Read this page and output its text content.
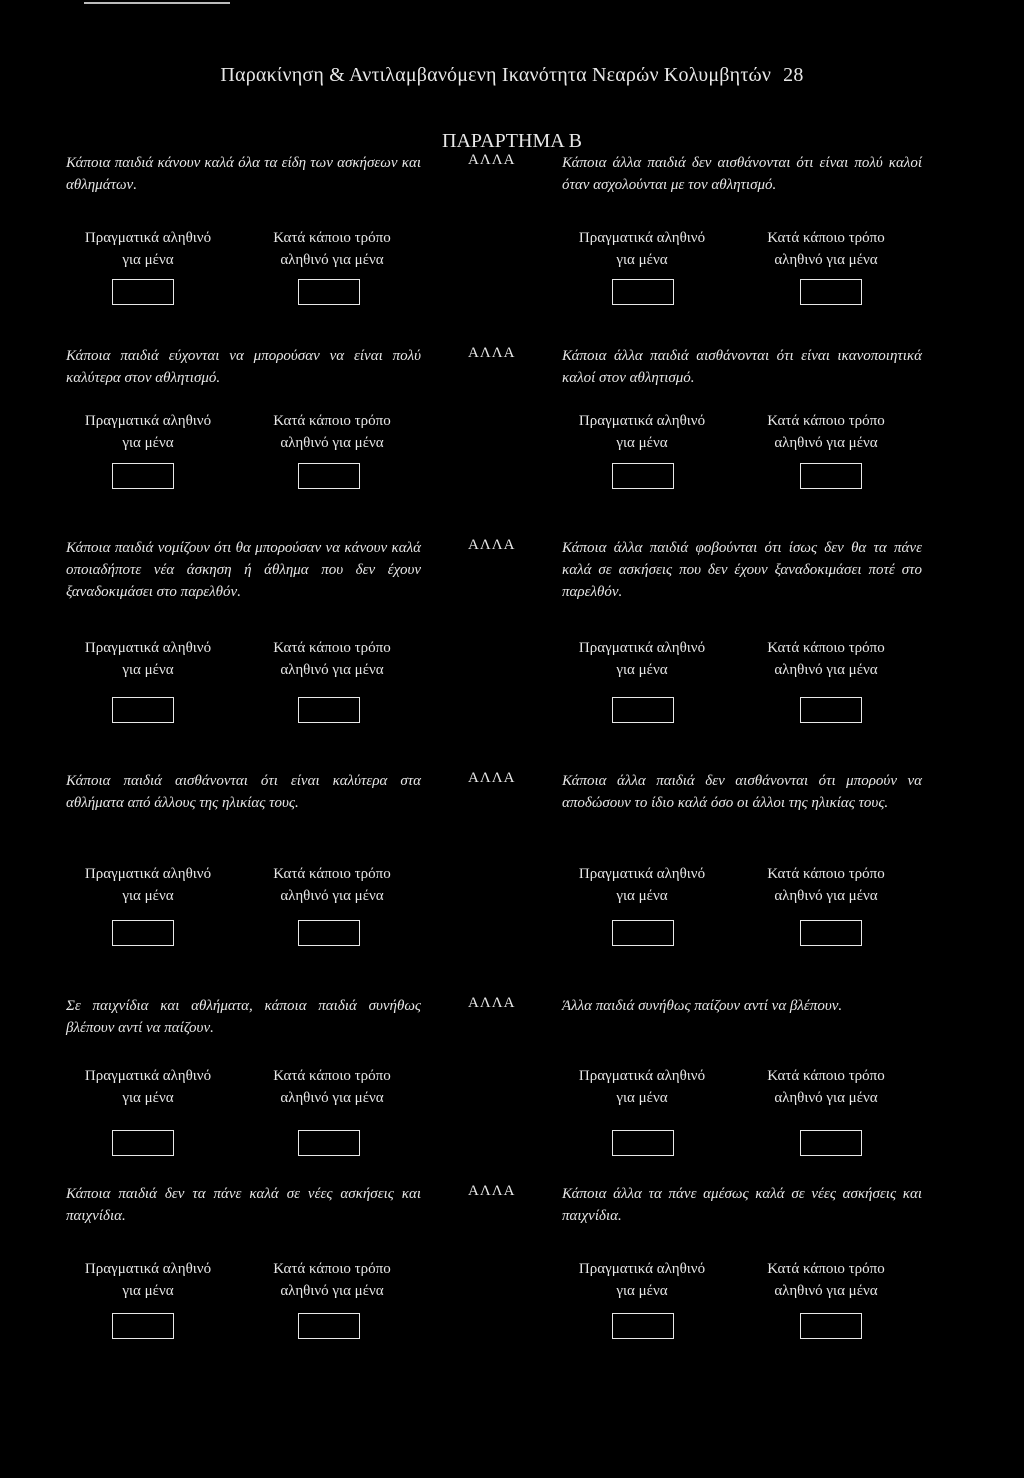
Παρακίνηση & Αντιλαμβανόμενη Ικανότητα Νεαρών Κολυμβητών 28
ΠΑΡΑΡΤΗΜΑ Β
Κάποια παιδιά κάνουν καλά όλα τα είδη των ασκήσεων και αθλημάτων.
ΑΛΛΑ	Κάποια άλλα παιδιά δεν αισθάνονται ότι είναι πολύ καλοί όταν ασχολούνται με τον αθλητισμό.
Πραγματικά αληθινό
για μένα
Κατά κάποιο τρόπο
αληθινό για μένα
Πραγματικά αληθινό
για μένα
Κατά κάποιο τρόπο
αληθινό για μένα
Κάποια παιδιά εύχονται να μπορούσαν να είναι πολύ καλύτερα στον αθλητισμό.
ΑΛΛΑ	Κάποια άλλα παιδιά αισθάνονται ότι είναι ικανοποιητικά καλοί στον αθλητισμό.
Πραγματικά αληθινό
για μένα
Κατά κάποιο τρόπο
αληθινό για μένα
Πραγματικά αληθινό
για μένα
Κατά κάποιο τρόπο
αληθινό για μένα
Κάποια παιδιά νομίζουν ότι θα μπορούσαν να κάνουν καλά οποιαδήποτε νέα άσκηση ή άθλημα που δεν έχουν ξαναδοκιμάσει στο παρελθόν.
ΑΛΛΑ	Κάποια άλλα παιδιά φοβούνται ότι ίσως δεν θα τα πάνε καλά σε ασκήσεις που δεν έχουν ξαναδοκιμάσει ποτέ στο παρελθόν.
Πραγματικά αληθινό
για μένα
Κατά κάποιο τρόπο
αληθινό για μένα
Πραγματικά αληθινό
για μένα
Κατά κάποιο τρόπο
αληθινό για μένα
Κάποια παιδιά αισθάνονται ότι είναι καλύτερα στα αθλήματα από άλλους της ηλικίας τους.
ΑΛΛΑ	Κάποια άλλα παιδιά δεν αισθάνονται ότι μπορούν να αποδώσουν το ίδιο καλά όσο οι άλλοι της ηλικίας τους.
Πραγματικά αληθινό
για μένα
Κατά κάποιο τρόπο
αληθινό για μένα
Πραγματικά αληθινό
για μένα
Κατά κάποιο τρόπο
αληθινό για μένα
Σε παιχνίδια και αθλήματα, κάποια παιδιά συνήθως βλέπουν αντί να παίζουν.
ΑΛΛΑ	Άλλα παιδιά συνήθως παίζουν αντί να βλέπουν.
Πραγματικά αληθινό
για μένα
Κατά κάποιο τρόπο
αληθινό για μένα
Πραγματικά αληθινό
για μένα
Κατά κάποιο τρόπο
αληθινό για μένα
Κάποια παιδιά δεν τα πάνε καλά σε νέες ασκήσεις και παιχνίδια.
ΑΛΛΑ	Κάποια άλλα τα πάνε αμέσως καλά σε νέες ασκήσεις και παιχνίδια.
Πραγματικά αληθινό
για μένα
Κατά κάποιο τρόπο
αληθινό για μένα
Πραγματικά αληθινό
για μένα
Κατά κάποιο τρόπο
αληθινό για μένα
